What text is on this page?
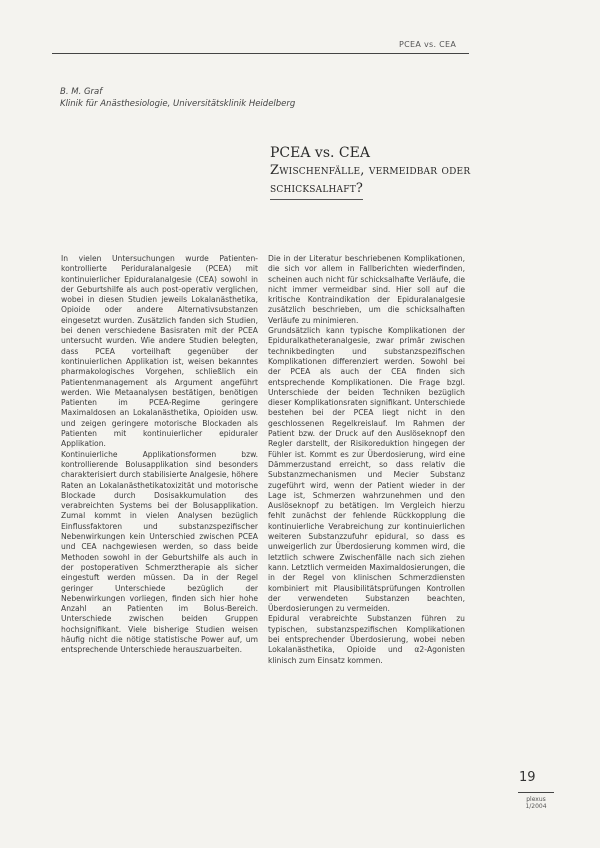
PCEA vs. CEA
B. M. Graf
Klinik für Anästhesiologie, Universitätsklinik Heidelberg
PCEA vs. CEA
Zwischenfälle, vermeidbar oder
schicksalhaft?

In vielen Untersuchungen wurde Patienten-kontrollierte Periduralanalgesie (PCEA) mit kontinuierlicher Epiduralanalgesie (CEA) sowohl in der Geburtshilfe als auch post-operativ verglichen, wobei in diesen Studien jeweils Lokalanästhetika, Opioide oder andere Alternativsubstanzen eingesetzt wurden. Zusätzlich fanden sich Studien, bei denen verschiedene Basisraten mit der PCEA untersucht wurden. Wie andere Studien belegten, dass PCEA vorteilhaft gegenüber der kontinuierlichen Applikation ist, weisen bekanntes pharmakologisches Vorgehen, schließlich ein Patientenmanagement als Argument angeführt werden. Wie Metaanalysen bestätigen, benötigen Patienten im PCEA-Regime geringere Maximaldosen an Lokalanästhetika, Opioiden usw. und zeigen geringere motorische Blockaden als Patienten mit kontinuierlicher epiduraler Applikation.

Kontinuierliche Applikationsformen bzw. kontrollierende Bolusapplikation sind besonders charakterisiert durch stabilisierte Analgesie, höhere Raten an Lokalanästhetikatoxizität und motorische Blockade durch Dosisakkumulation des verabreichten Systems bei der Bolusapplikation. Zumal kommt in vielen Analysen bezüglich Einflussfaktoren und substanzspezifischer Nebenwirkungen kein Unterschied zwischen PCEA und CEA nachgewiesen werden, so dass beide Methoden sowohl in der Geburtshilfe als auch in der postoperativen Schmerztherapie als sicher eingestuft werden müssen. Da in der Regel geringer Unterschiede bezüglich der Nebenwirkungen vorliegen, finden sich hier hohe Anzahl an Patienten im Bolus-Bereich. Unterschiede zwischen beiden Gruppen hochsignifikant. Viele bisherige Studien weisen häufig nicht die nötige statistische Power auf, um entsprechende Unterschiede herauszuarbeiten.

Die in der Literatur beschriebenen Komplikationen, die sich vor allem in Fallberichten wiederfinden, scheinen auch nicht für schicksalhafte Verläufe, die nicht immer vermeidbar sind. Hier soll auf die kritische Kontraindikation der Epiduralanalgesie zusätzlich beschrieben, um die schicksalhaften Verläufe zu minimieren.

Grundsätzlich kann typische Komplikationen der Epiduralkatheteranalgesie, zwar primär zwischen technikbedingten und substanzspezifischen Komplikationen differenziert werden. Sowohl bei der PCEA als auch der CEA finden sich entsprechende Komplikationen. Die Frage bzgl. Unterschiede der beiden Techniken bezüglich dieser Komplikationsraten signifikant. Unterschiede bestehen bei der PCEA liegt nicht in den geschlossenen Regelkreislauf. Im Rahmen der Patient bzw. der Druck auf den Auslöseknopf den Regler darstellt, der Risikoreduktion hingegen der Fühler ist. Kommt es zur Überdosierung, wird eine Dämmerzustand erreicht, so dass relativ die Substanzmechanismen und Mecier Substanz zugeführt wird, wenn der Patient wieder in der Lage ist, Schmerzen wahrzunehmen und den Auslöseknopf zu betätigen. Im Vergleich hierzu fehlt zunächst der fehlende Rückkopplung die kontinuierliche Verabreichung zur kontinuierlichen weiteren Substanzzufuhr epidural, so dass es unweigerlich zur Überdosierung kommen wird, die letztlich schwere Zwischenfälle nach sich ziehen kann. Letztlich vermeiden Maximaldosierungen, die in der Regel von klinischen Schmerzdiensten kombiniert mit Plausibilitätsprüfungen Kontrollen der verwendeten Substanzen beachten, Überdosierungen zu vermeiden.

Epidural verabreichte Substanzen führen zu typischen, substanzspezifischen Komplikationen bei entsprechender Überdosierung, wobei neben Lokalanästhetika, Opioide und α2-Agonisten klinisch zum Einsatz kommen.

19
plexus
1/2004
